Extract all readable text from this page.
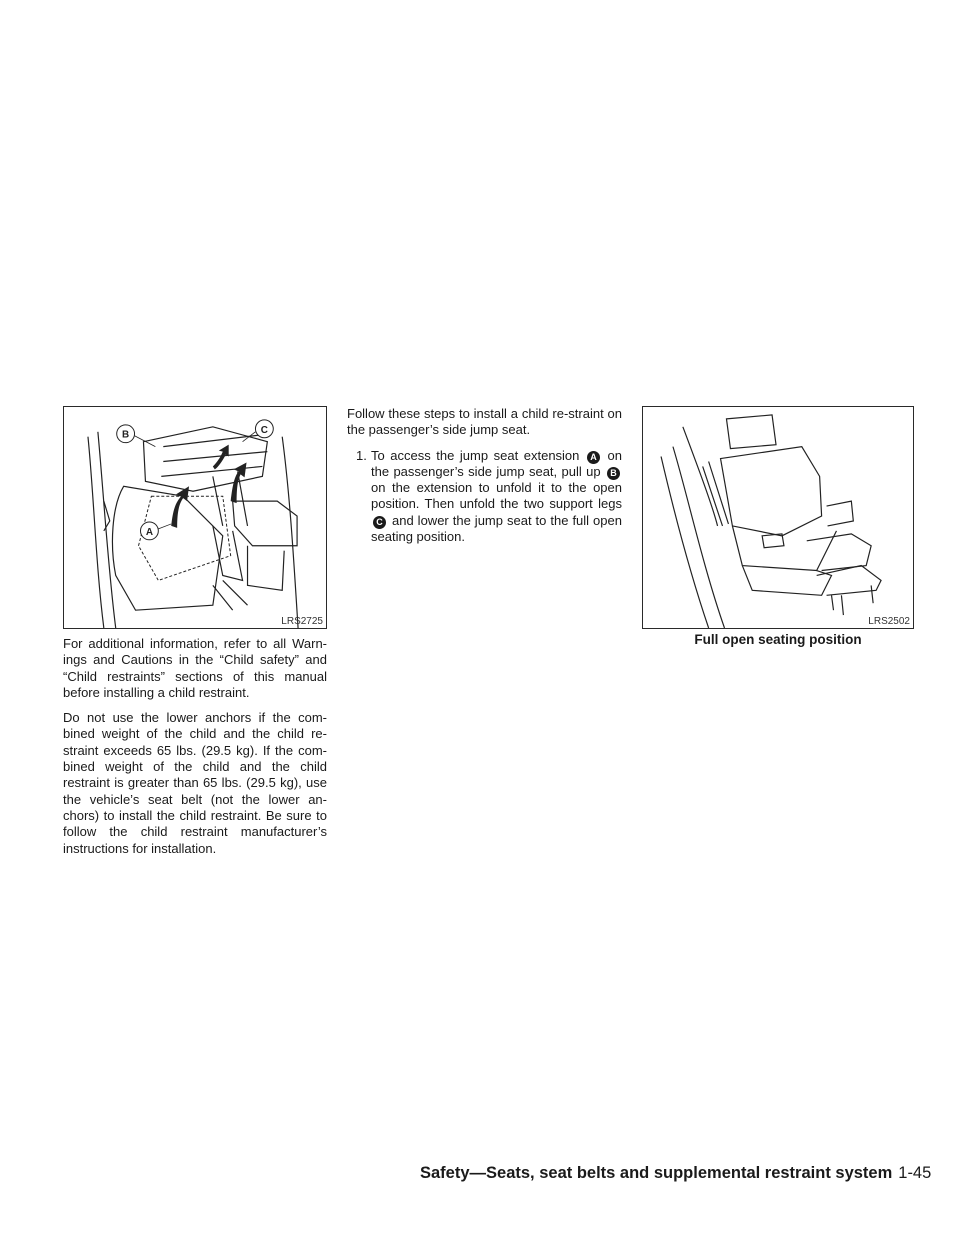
B	C
A
LRS2725

For additional information, refer to all Warn-ings and Cautions in the “Child safety” and “Child restraints” sections of this manual before installing a child restraint.

Do not use the lower anchors if the com-bined weight of the child and the child re-straint exceeds 65 lbs. (29.5 kg). If the com-bined weight of the child and the child restraint is greater than 65 lbs. (29.5 kg), use the vehicle’s seat belt (not the lower an-chors) to install the child restraint. Be sure to follow the child restraint manufacturer’s instructions for installation.

Follow these steps to install a child re-straint on the passenger’s side jump seat.

1. To access the jump seat extension A on the passenger’s side jump seat, pull up B on the extension to unfold it to the open position. Then unfold the two support legs C and lower the jump seat to the full open seating position.
LRS2502
Full open seating position
Safety—Seats, seat belts and supplemental restraint system 1-45
